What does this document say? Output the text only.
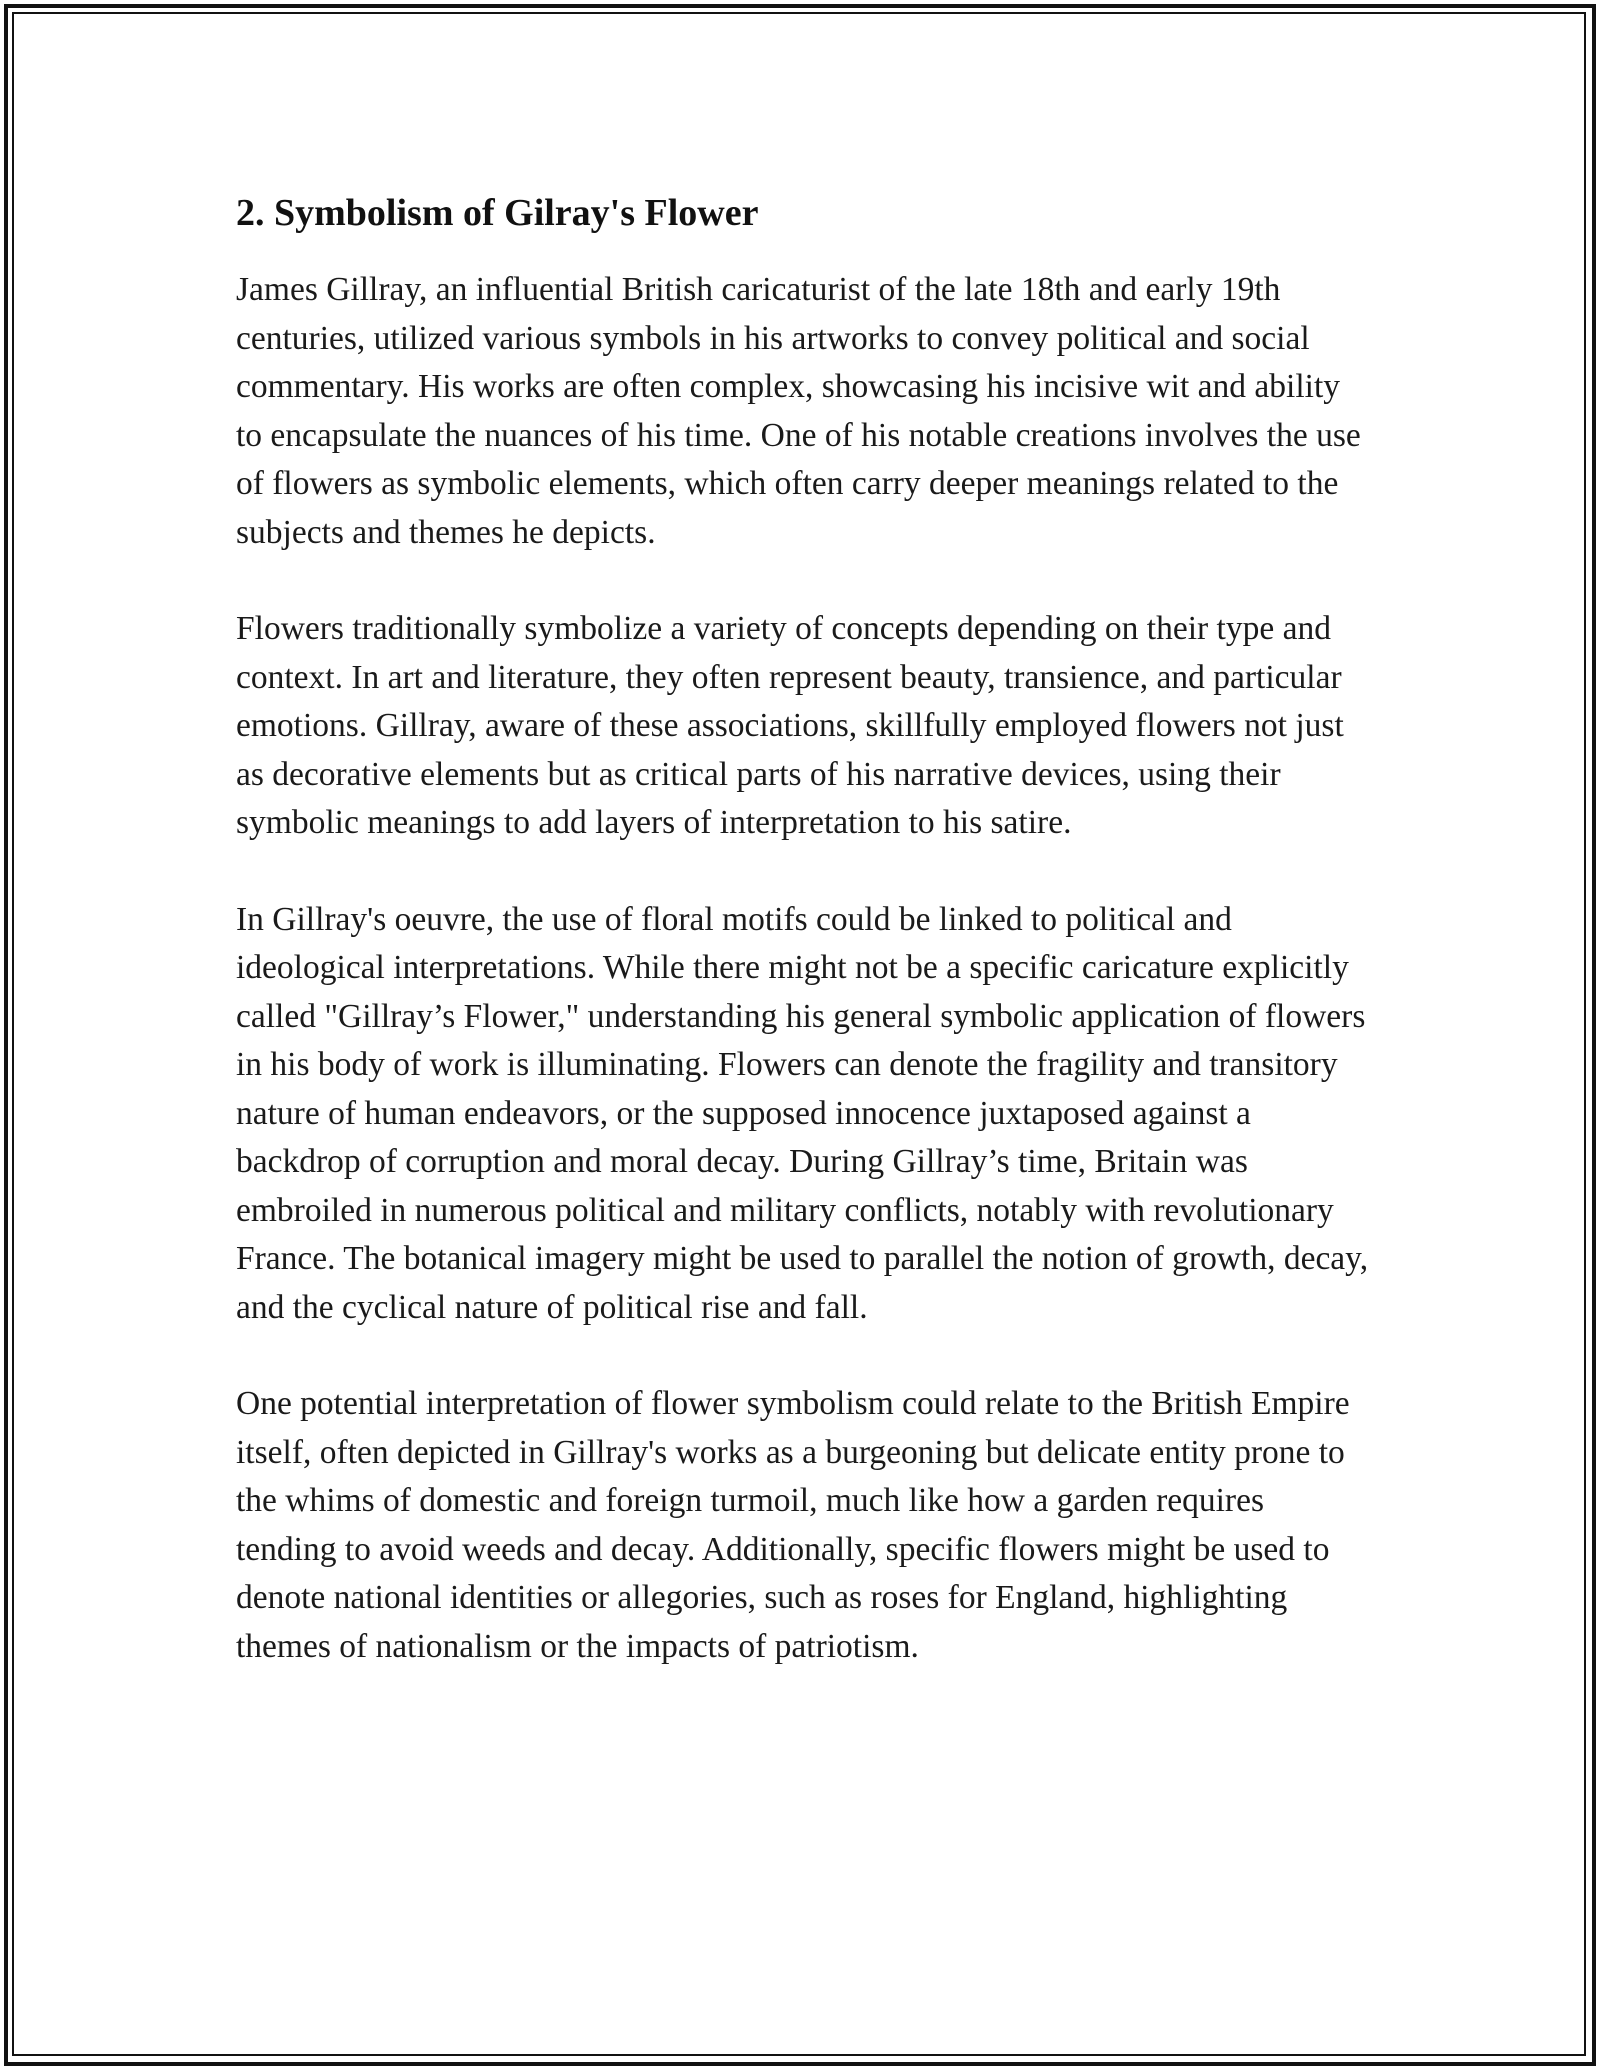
2. Symbolism of Gilray's Flower

James Gillray, an influential British caricaturist of the late 18th and early 19th centuries, utilized various symbols in his artworks to convey political and social commentary. His works are often complex, showcasing his incisive wit and ability to encapsulate the nuances of his time. One of his notable creations involves the use of flowers as symbolic elements, which often carry deeper meanings related to the subjects and themes he depicts.

Flowers traditionally symbolize a variety of concepts depending on their type and context. In art and literature, they often represent beauty, transience, and particular emotions. Gillray, aware of these associations, skillfully employed flowers not just as decorative elements but as critical parts of his narrative devices, using their symbolic meanings to add layers of interpretation to his satire.

In Gillray's oeuvre, the use of floral motifs could be linked to political and ideological interpretations. While there might not be a specific caricature explicitly called "Gillray’s Flower," understanding his general symbolic application of flowers in his body of work is illuminating. Flowers can denote the fragility and transitory nature of human endeavors, or the supposed innocence juxtaposed against a backdrop of corruption and moral decay. During Gillray’s time, Britain was embroiled in numerous political and military conflicts, notably with revolutionary France. The botanical imagery might be used to parallel the notion of growth, decay, and the cyclical nature of political rise and fall.

One potential interpretation of flower symbolism could relate to the British Empire itself, often depicted in Gillray's works as a burgeoning but delicate entity prone to the whims of domestic and foreign turmoil, much like how a garden requires tending to avoid weeds and decay. Additionally, specific flowers might be used to denote national identities or allegories, such as roses for England, highlighting themes of nationalism or the impacts of patriotism.
